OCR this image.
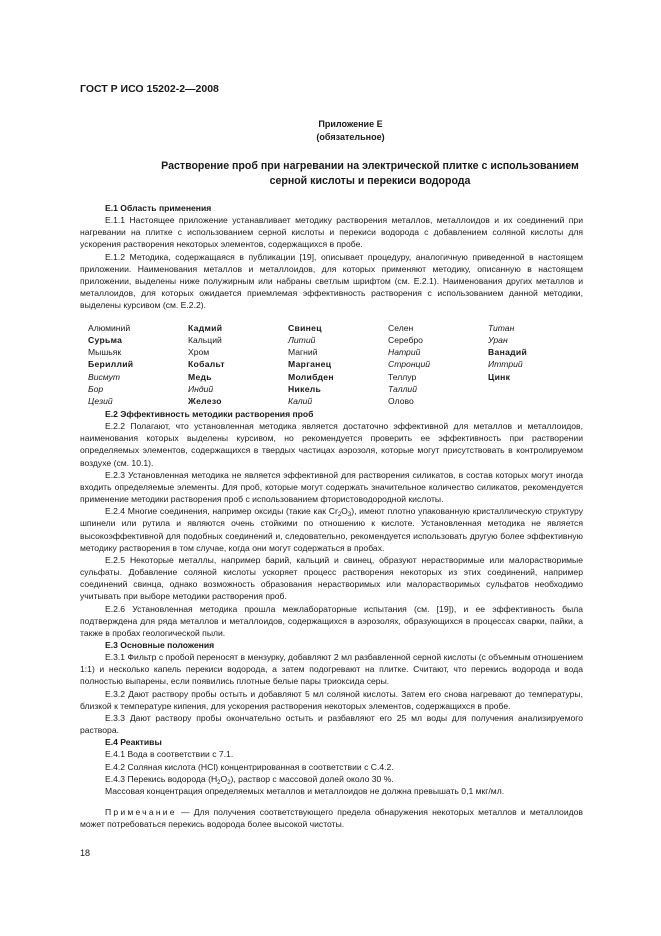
ГОСТ Р ИСО 15202-2—2008
Приложение Е
(обязательное)
Растворение проб при нагревании на электрической плитке с использованием
серной кислоты и перекиси водорода
Е.1 Область применения

Е.1.1 Настоящее приложение устанавливает методику растворения металлов, металлоидов и их соединений при нагревании на плитке с использованием серной кислоты и перекиси водорода с добавлением соляной кислоты для ускорения растворения некоторых элементов, содержащихся в пробе.

Е.1.2 Методика, содержащаяся в публикации [19], описывает процедуру, аналогичную приведенной в настоящем приложении. Наименования металлов и металлоидов, для которых применяют методику, описанную в настоящем приложении, выделены ниже полужирным или набраны светлым шрифтом (см. Е.2.1). Наименования других металлов и металлоидов, для которых ожидается приемлемая эффективность растворения с использованием данной методики, выделены курсивом (см. Е.2.2).

Алюминий
Сурьма
Мышьяк
Бериллий
Висмут
Бор
Цезий
Кадмий
Кальций
Хром
Кобальт
Медь
Индий
Железо
Свинец
Литий
Магний
Марганец
Молибден
Никель
Калий
Селен
Серебро
Натрий
Стронций
Теллур
Таллий
Олово
Титан
Уран
Ванадий
Иттрий
Цинк
Е.2 Эффективность методики растворения проб

Е.2.2 Полагают, что установленная методика является достаточно эффективной для металлов и металлоидов, наименования которых выделены курсивом, но рекомендуется проверить ее эффективность при растворении определяемых элементов, содержащихся в твердых частицах аэрозоля, которые могут присутствовать в контролируемом воздухе (см. 10.1).

Е.2.3 Установленная методика не является эффективной для растворения силикатов, в состав которых могут иногда входить определяемые элементы. Для проб, которые могут содержать значительное количество силикатов, рекомендуется применение методики растворения проб с использованием фтористоводородной кислоты.

Е.2.4 Многие соединения, например оксиды (такие как $Cr_2O_3$), имеют плотно упакованную кристаллическую структуру шпинели или рутила и являются очень стойкими по отношению к кислоте. Установленная методика не является высокоэффективной для подобных соединений и, следовательно, рекомендуется использовать другую более эффективную методику растворения в том случае, когда они могут содержаться в пробах.

Е.2.5 Некоторые металлы, например барий, кальций и свинец, образуют нерастворимые или малорастворимые сульфаты. Добавление соляной кислоты ускоряет процесс растворения некоторых из этих соединений, например соединений свинца, однако возможность образования нерастворимых или малорастворимых сульфатов необходимо учитывать при выборе методики растворения проб.

Е.2.6 Установленная методика прошла межлабораторные испытания (см. [19]), и ее эффективность была подтверждена для ряда металлов и металлоидов, содержащихся в аэрозолях, образующихся в процессах сварки, пайки, а также в пробах геологической пыли.

Е.3 Основные положения

Е.3.1 Фильтр с пробой переносят в мензурку, добавляют 2 мл разбавленной серной кислоты (с объемным отношением 1:1) и несколько капель перекиси водорода, а затем подогревают на плитке. Считают, что перекись водорода и вода полностью выпарены, если появились плотные белые пары триоксида серы.

Е.3.2 Дают раствору пробы остыть и добавляют 5 мл соляной кислоты. Затем его снова нагревают до температуры, близкой к температуре кипения, для ускорения растворения некоторых элементов, содержащихся в пробе.

Е.3.3 Дают раствору пробы окончательно остыть и разбавляют его 25 мл воды для получения анализируемого раствора.

Е.4 Реактивы

Е.4.1 Вода в соответствии с 7.1.

Е.4.2 Соляная кислота (HCl) концентрированная в соответствии с С.4.2.

Е.4.3 Перекись водорода $(H_2O_2)$, раствор с массовой долей около 30 %.

Массовая концентрация определяемых металлов и металлоидов не должна превышать 0,1 мкг/мл.

Примечание — Для получения соответствующего предела обнаружения некоторых металлов и металлоидов может потребоваться перекись водорода более высокой чистоты.

18
